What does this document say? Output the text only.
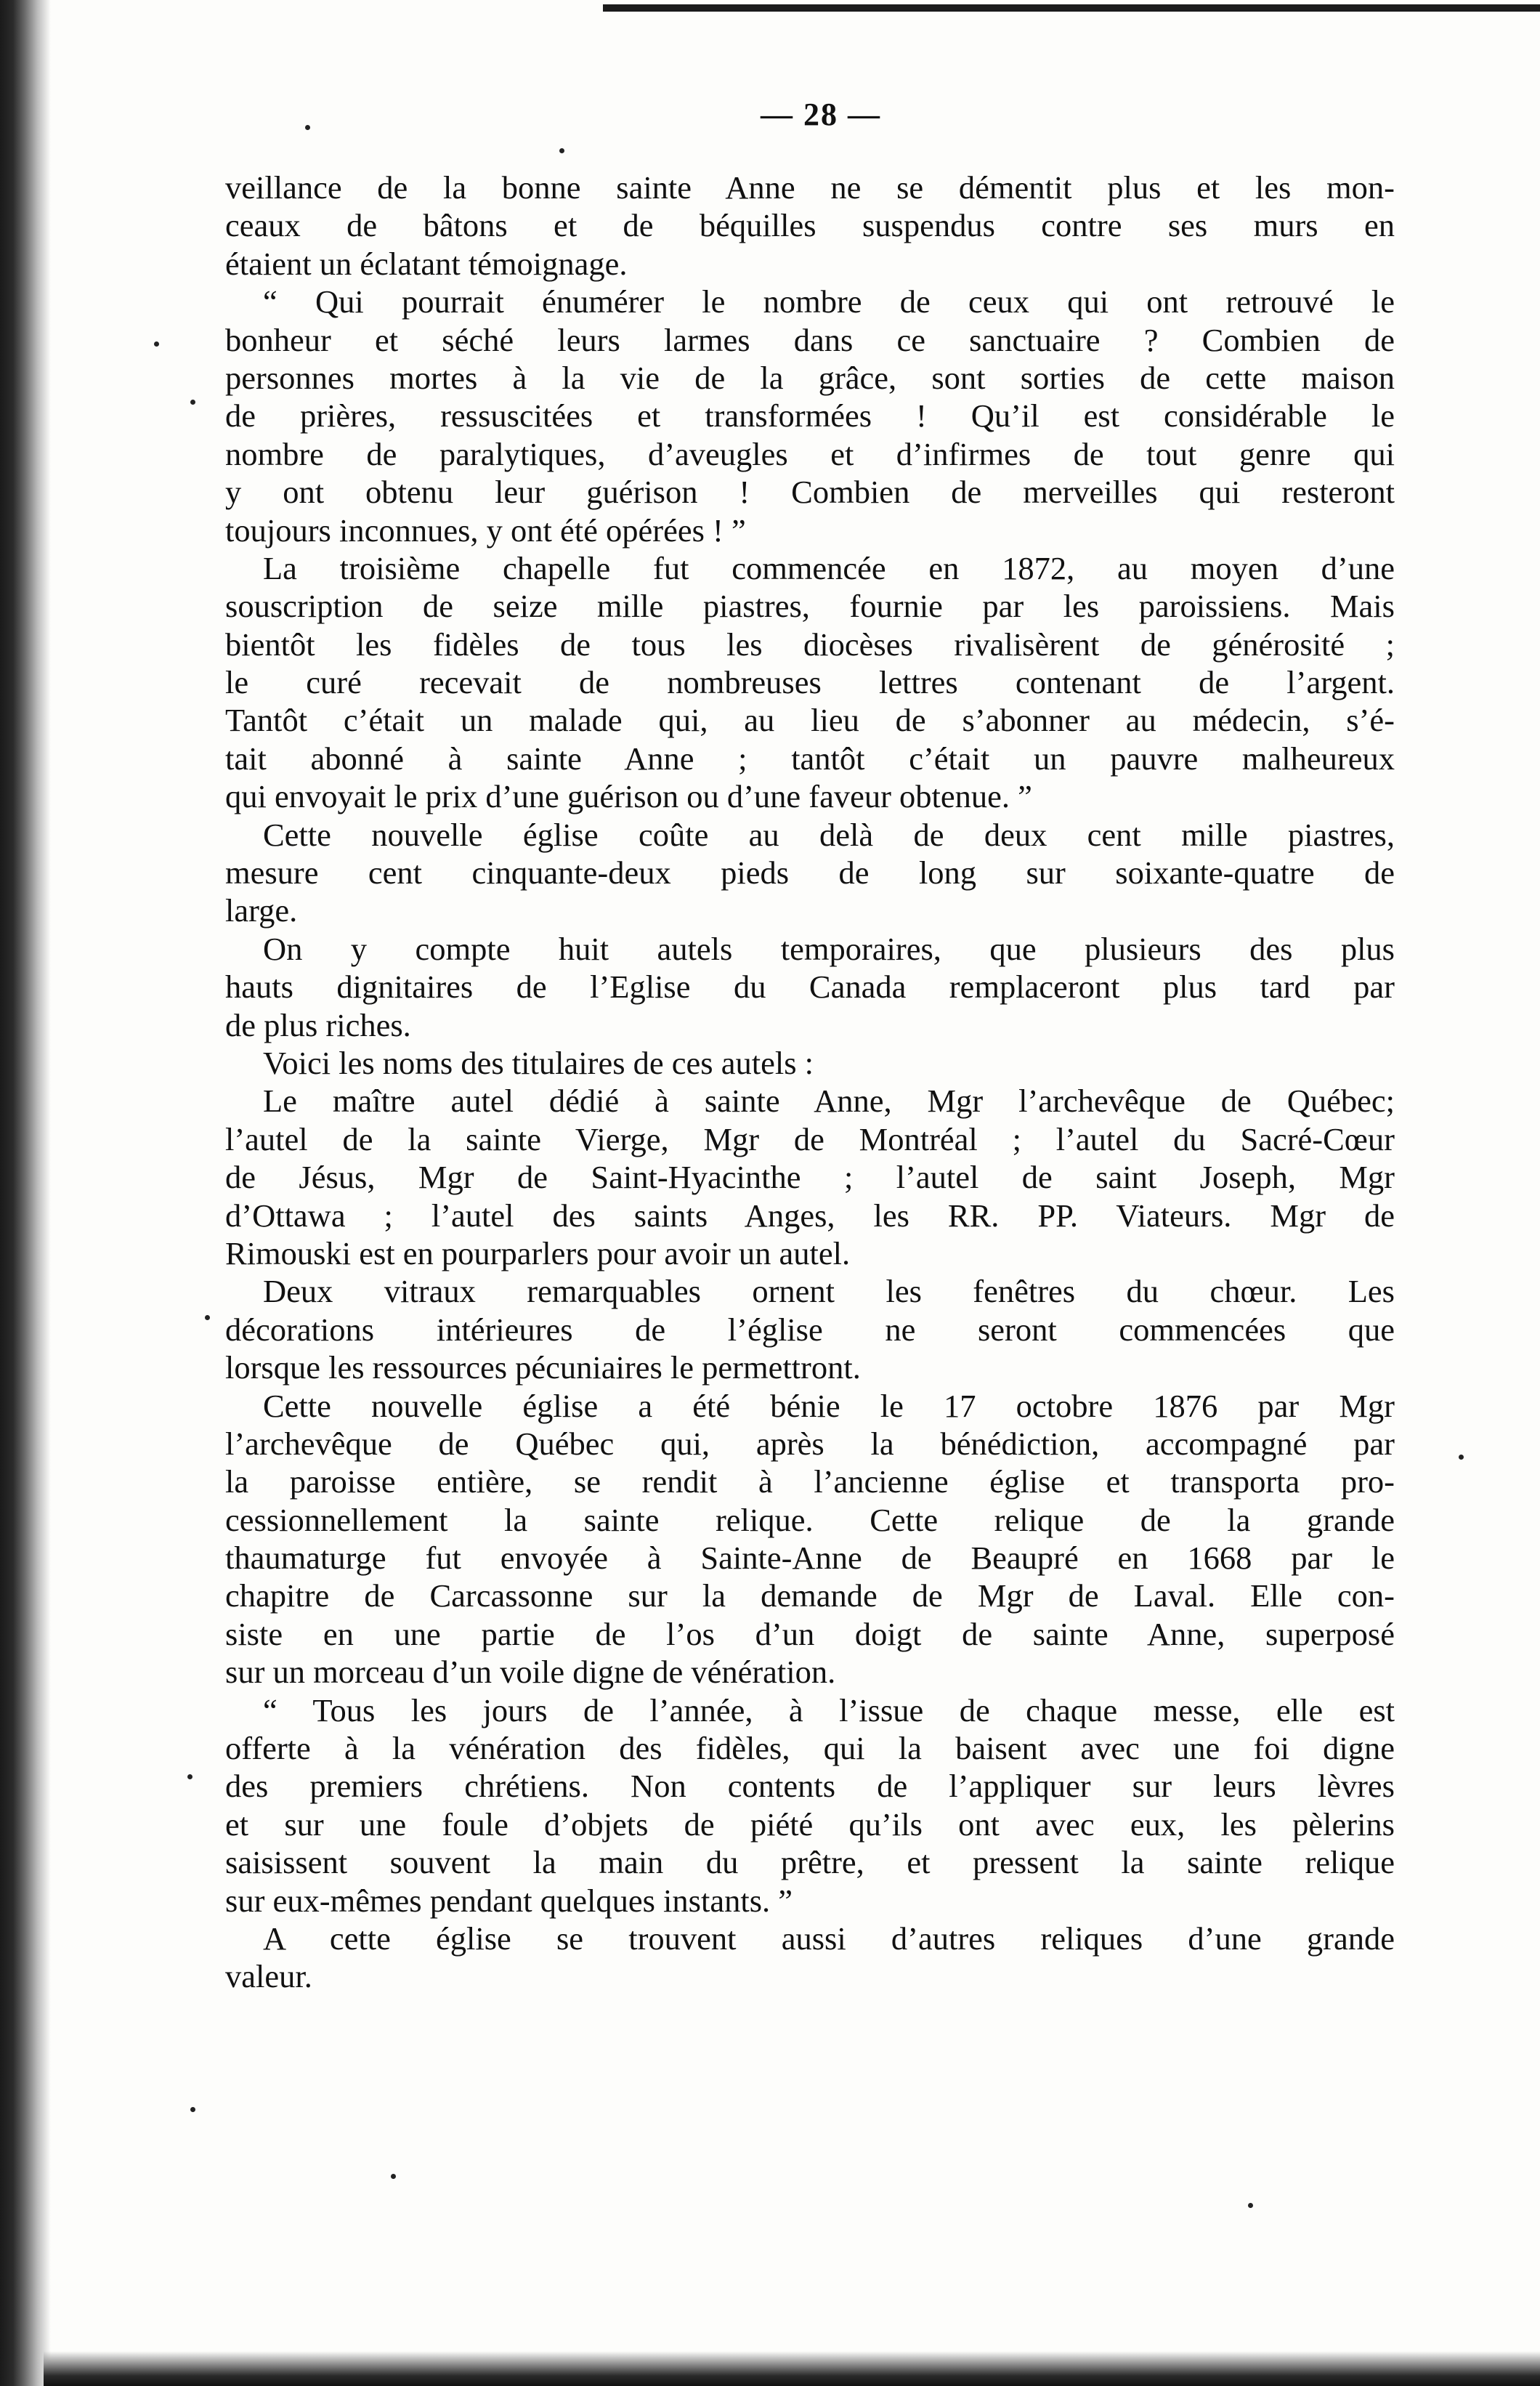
— 28 —
veillance de la bonne sainte Anne ne se démentit plus et les mon-
ceaux de bâtons et de béquilles suspendus contre ses murs en
étaient un éclatant témoignage.
“ Qui pourrait énumérer le nombre de ceux qui ont retrouvé le
bonheur et séché leurs larmes dans ce sanctuaire ? Combien de
personnes mortes à la vie de la grâce, sont sorties de cette maison
de prières, ressuscitées et transformées ! Qu’il est considérable le
nombre de paralytiques, d’aveugles et d’infirmes de tout genre qui
y ont obtenu leur guérison ! Combien de merveilles qui resteront
toujours inconnues, y ont été opérées ! ”
La troisième chapelle fut commencée en 1872, au moyen d’une
souscription de seize mille piastres, fournie par les paroissiens. Mais
bientôt les fidèles de tous les diocèses rivalisèrent de générosité ;
le curé recevait de nombreuses lettres contenant de l’argent.
Tantôt c’était un malade qui, au lieu de s’abonner au médecin, s’é-
tait abonné à sainte Anne ; tantôt c’était un pauvre malheureux
qui envoyait le prix d’une guérison ou d’une faveur obtenue. ”
Cette nouvelle église coûte au delà de deux cent mille piastres,
mesure cent cinquante-deux pieds de long sur soixante-quatre de
large.
On y compte huit autels temporaires, que plusieurs des plus
hauts dignitaires de l’Eglise du Canada remplaceront plus tard par
de plus riches.
Voici les noms des titulaires de ces autels :
Le maître autel dédié à sainte Anne, Mgr l’archevêque de Québec;
l’autel de la sainte Vierge, Mgr de Montréal ; l’autel du Sacré-Cœur
de Jésus, Mgr de Saint-Hyacinthe ; l’autel de saint Joseph, Mgr
d’Ottawa ; l’autel des saints Anges, les RR. PP. Viateurs. Mgr de
Rimouski est en pourparlers pour avoir un autel.
Deux vitraux remarquables ornent les fenêtres du chœur. Les
décorations intérieures de l’église ne seront commencées que
lorsque les ressources pécuniaires le permettront.
Cette nouvelle église a été bénie le 17 octobre 1876 par Mgr
l’archevêque de Québec qui, après la bénédiction, accompagné par
la paroisse entière, se rendit à l’ancienne église et transporta pro-
cessionnellement la sainte relique. Cette relique de la grande
thaumaturge fut envoyée à Sainte-Anne de Beaupré en 1668 par le
chapitre de Carcassonne sur la demande de Mgr de Laval. Elle con-
siste en une partie de l’os d’un doigt de sainte Anne, superposé
sur un morceau d’un voile digne de vénération.
“ Tous les jours de l’année, à l’issue de chaque messe, elle est
offerte à la vénération des fidèles, qui la baisent avec une foi digne
des premiers chrétiens. Non contents de l’appliquer sur leurs lèvres
et sur une foule d’objets de piété qu’ils ont avec eux, les pèlerins
saisissent souvent la main du prêtre, et pressent la sainte relique
sur eux-mêmes pendant quelques instants. ”
A cette église se trouvent aussi d’autres reliques d’une grande
valeur.
